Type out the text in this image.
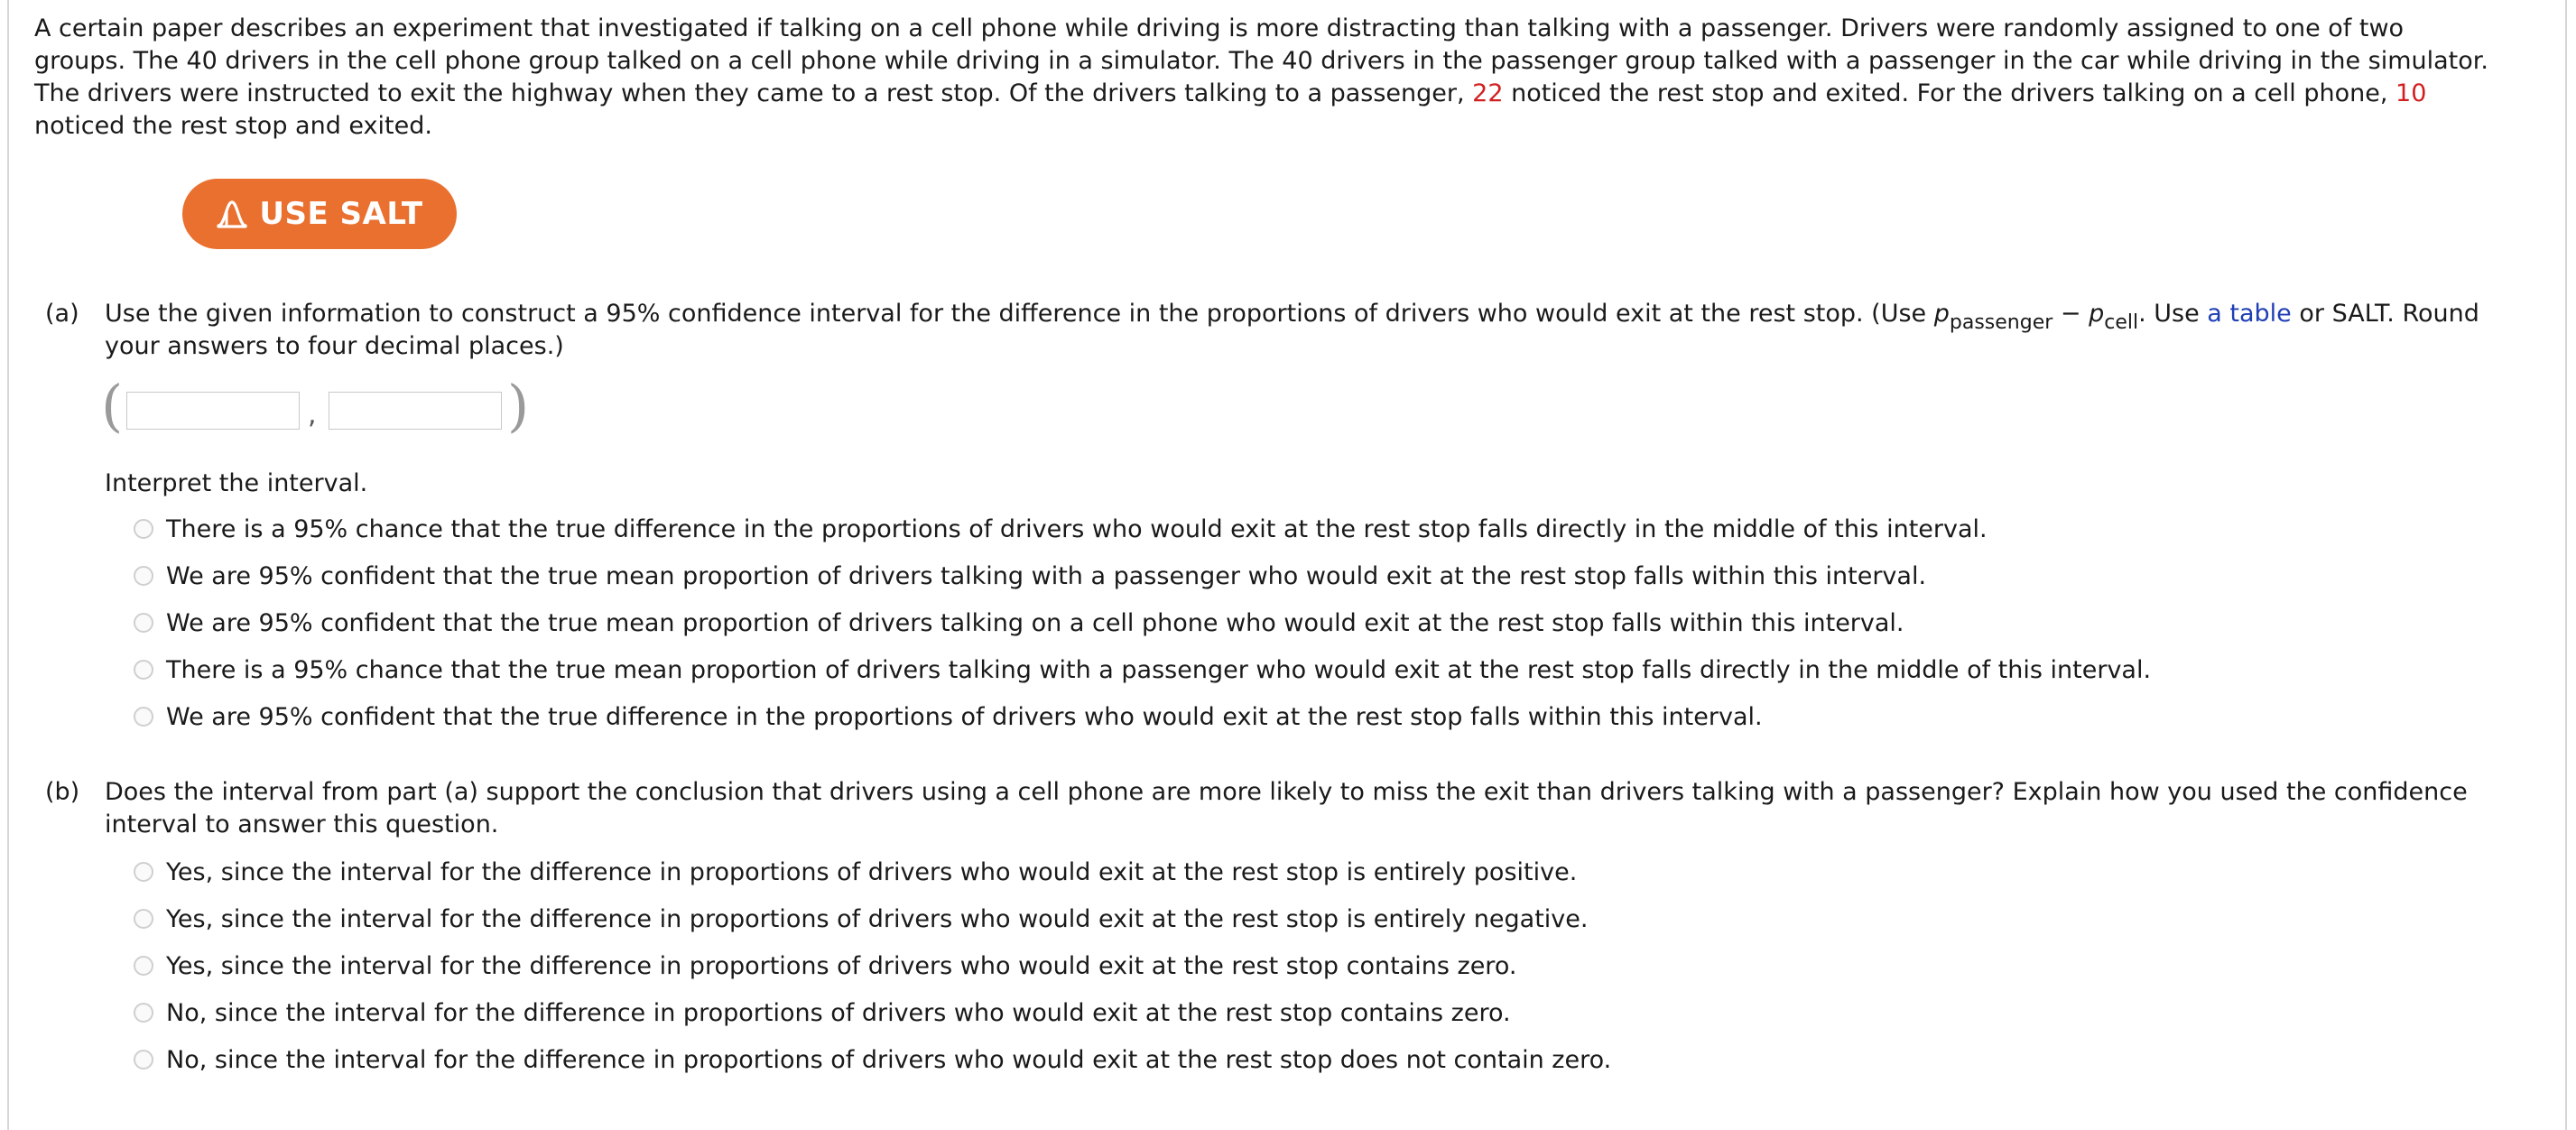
A certain paper describes an experiment that investigated if talking on a cell phone while driving is more distracting than talking with a passenger. Drivers were randomly assigned to one of two groups. The 40 drivers in the cell phone group talked on a cell phone while driving in a simulator. The 40 drivers in the passenger group talked with a passenger in the car while driving in the simulator. The drivers were instructed to exit the highway when they came to a rest stop. Of the drivers talking to a passenger, 22 noticed the rest stop and exited. For the drivers talking on a cell phone, 10 noticed the rest stop and exited.

USE SALT
(a) Use the given information to construct a 95% confidence interval for the difference in the proportions of drivers who would exit at the rest stop. (Use $p_{passenger} - p_{cell}$. Use a table or SALT. Round your answers to four decimal places.)

(	,	)

Interpret the interval.

There is a 95% chance that the true difference in the proportions of drivers who would exit at the rest stop falls directly in the middle of this interval.
We are 95% confident that the true mean proportion of drivers talking with a passenger who would exit at the rest stop falls within this interval.
We are 95% confident that the true mean proportion of drivers talking on a cell phone who would exit at the rest stop falls within this interval.
There is a 95% chance that the true mean proportion of drivers talking with a passenger who would exit at the rest stop falls directly in the middle of this interval.
We are 95% confident that the true difference in the proportions of drivers who would exit at the rest stop falls within this interval.
(b) Does the interval from part (a) support the conclusion that drivers using a cell phone are more likely to miss the exit than drivers talking with a passenger? Explain how you used the confidence interval to answer this question.

Yes, since the interval for the difference in proportions of drivers who would exit at the rest stop is entirely positive.
Yes, since the interval for the difference in proportions of drivers who would exit at the rest stop is entirely negative.
Yes, since the interval for the difference in proportions of drivers who would exit at the rest stop contains zero.
No, since the interval for the difference in proportions of drivers who would exit at the rest stop contains zero.
No, since the interval for the difference in proportions of drivers who would exit at the rest stop does not contain zero.
